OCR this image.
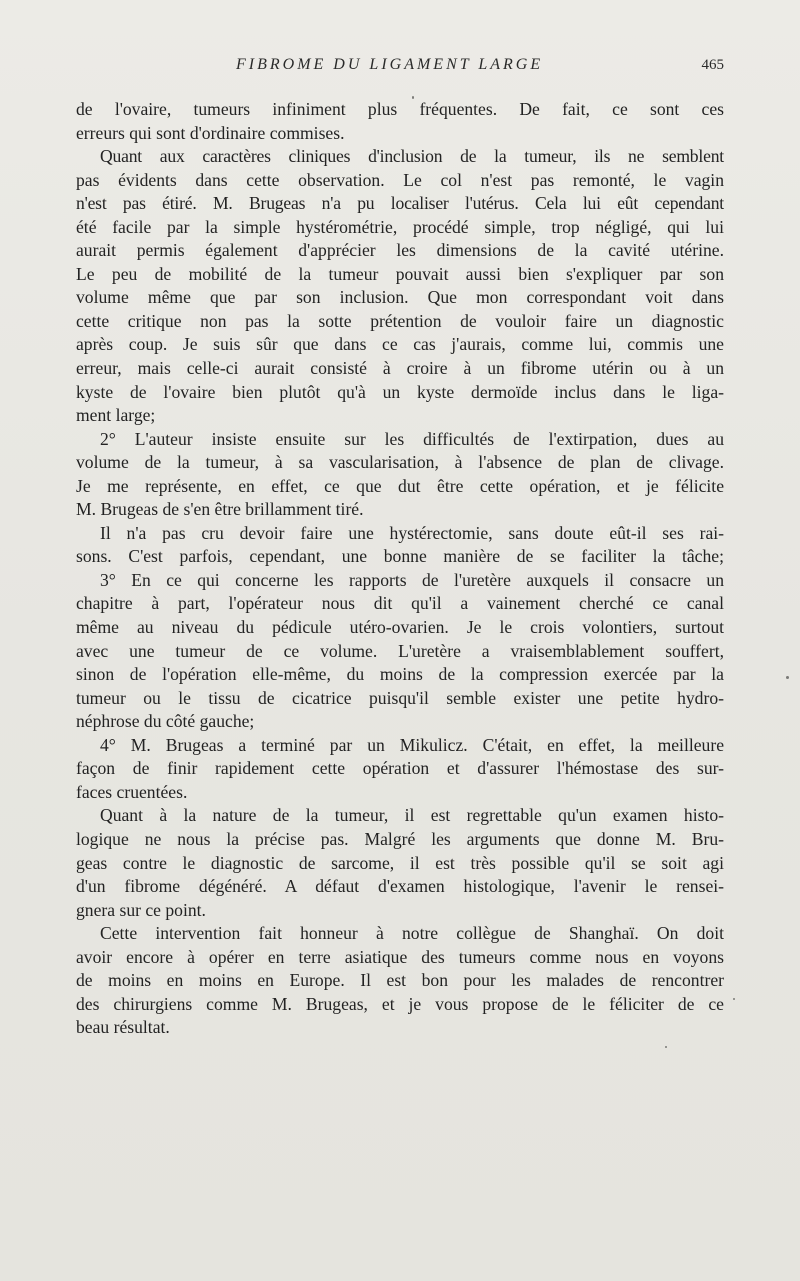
FIBROME DU LIGAMENT LARGE	465
de l'ovaire, tumeurs infiniment plus fréquentes. De fait, ce sont ces
erreurs qui sont d'ordinaire commises.
Quant aux caractères cliniques d'inclusion de la tumeur, ils ne semblent
pas évidents dans cette observation. Le col n'est pas remonté, le vagin
n'est pas étiré. M. Brugeas n'a pu localiser l'utérus. Cela lui eût cependant
été facile par la simple hystérométrie, procédé simple, trop négligé, qui lui
aurait permis également d'apprécier les dimensions de la cavité utérine.
Le peu de mobilité de la tumeur pouvait aussi bien s'expliquer par son
volume même que par son inclusion. Que mon correspondant voit dans
cette critique non pas la sotte prétention de vouloir faire un diagnostic
après coup. Je suis sûr que dans ce cas j'aurais, comme lui, commis une
erreur, mais celle-ci aurait consisté à croire à un fibrome utérin ou à un
kyste de l'ovaire bien plutôt qu'à un kyste dermoïde inclus dans le liga-
ment large;
2° L'auteur insiste ensuite sur les difficultés de l'extirpation, dues au
volume de la tumeur, à sa vascularisation, à l'absence de plan de clivage.
Je me représente, en effet, ce que dut être cette opération, et je félicite
M. Brugeas de s'en être brillamment tiré.
Il n'a pas cru devoir faire une hystérectomie, sans doute eût-il ses rai-
sons. C'est parfois, cependant, une bonne manière de se faciliter la tâche;
3° En ce qui concerne les rapports de l'uretère auxquels il consacre un
chapitre à part, l'opérateur nous dit qu'il a vainement cherché ce canal
même au niveau du pédicule utéro-ovarien. Je le crois volontiers, surtout
avec une tumeur de ce volume. L'uretère a vraisemblablement souffert,
sinon de l'opération elle-même, du moins de la compression exercée par la
tumeur ou le tissu de cicatrice puisqu'il semble exister une petite hydro-
néphrose du côté gauche;
4° M. Brugeas a terminé par un Mikulicz. C'était, en effet, la meilleure
façon de finir rapidement cette opération et d'assurer l'hémostase des sur-
faces cruentées.
Quant à la nature de la tumeur, il est regrettable qu'un examen histo-
logique ne nous la précise pas. Malgré les arguments que donne M. Bru-
geas contre le diagnostic de sarcome, il est très possible qu'il se soit agi
d'un fibrome dégénéré. A défaut d'examen histologique, l'avenir le rensei-
gnera sur ce point.
Cette intervention fait honneur à notre collègue de Shanghaï. On doit
avoir encore à opérer en terre asiatique des tumeurs comme nous en voyons
de moins en moins en Europe. Il est bon pour les malades de rencontrer
des chirurgiens comme M. Brugeas, et je vous propose de le féliciter de ce
beau résultat.
